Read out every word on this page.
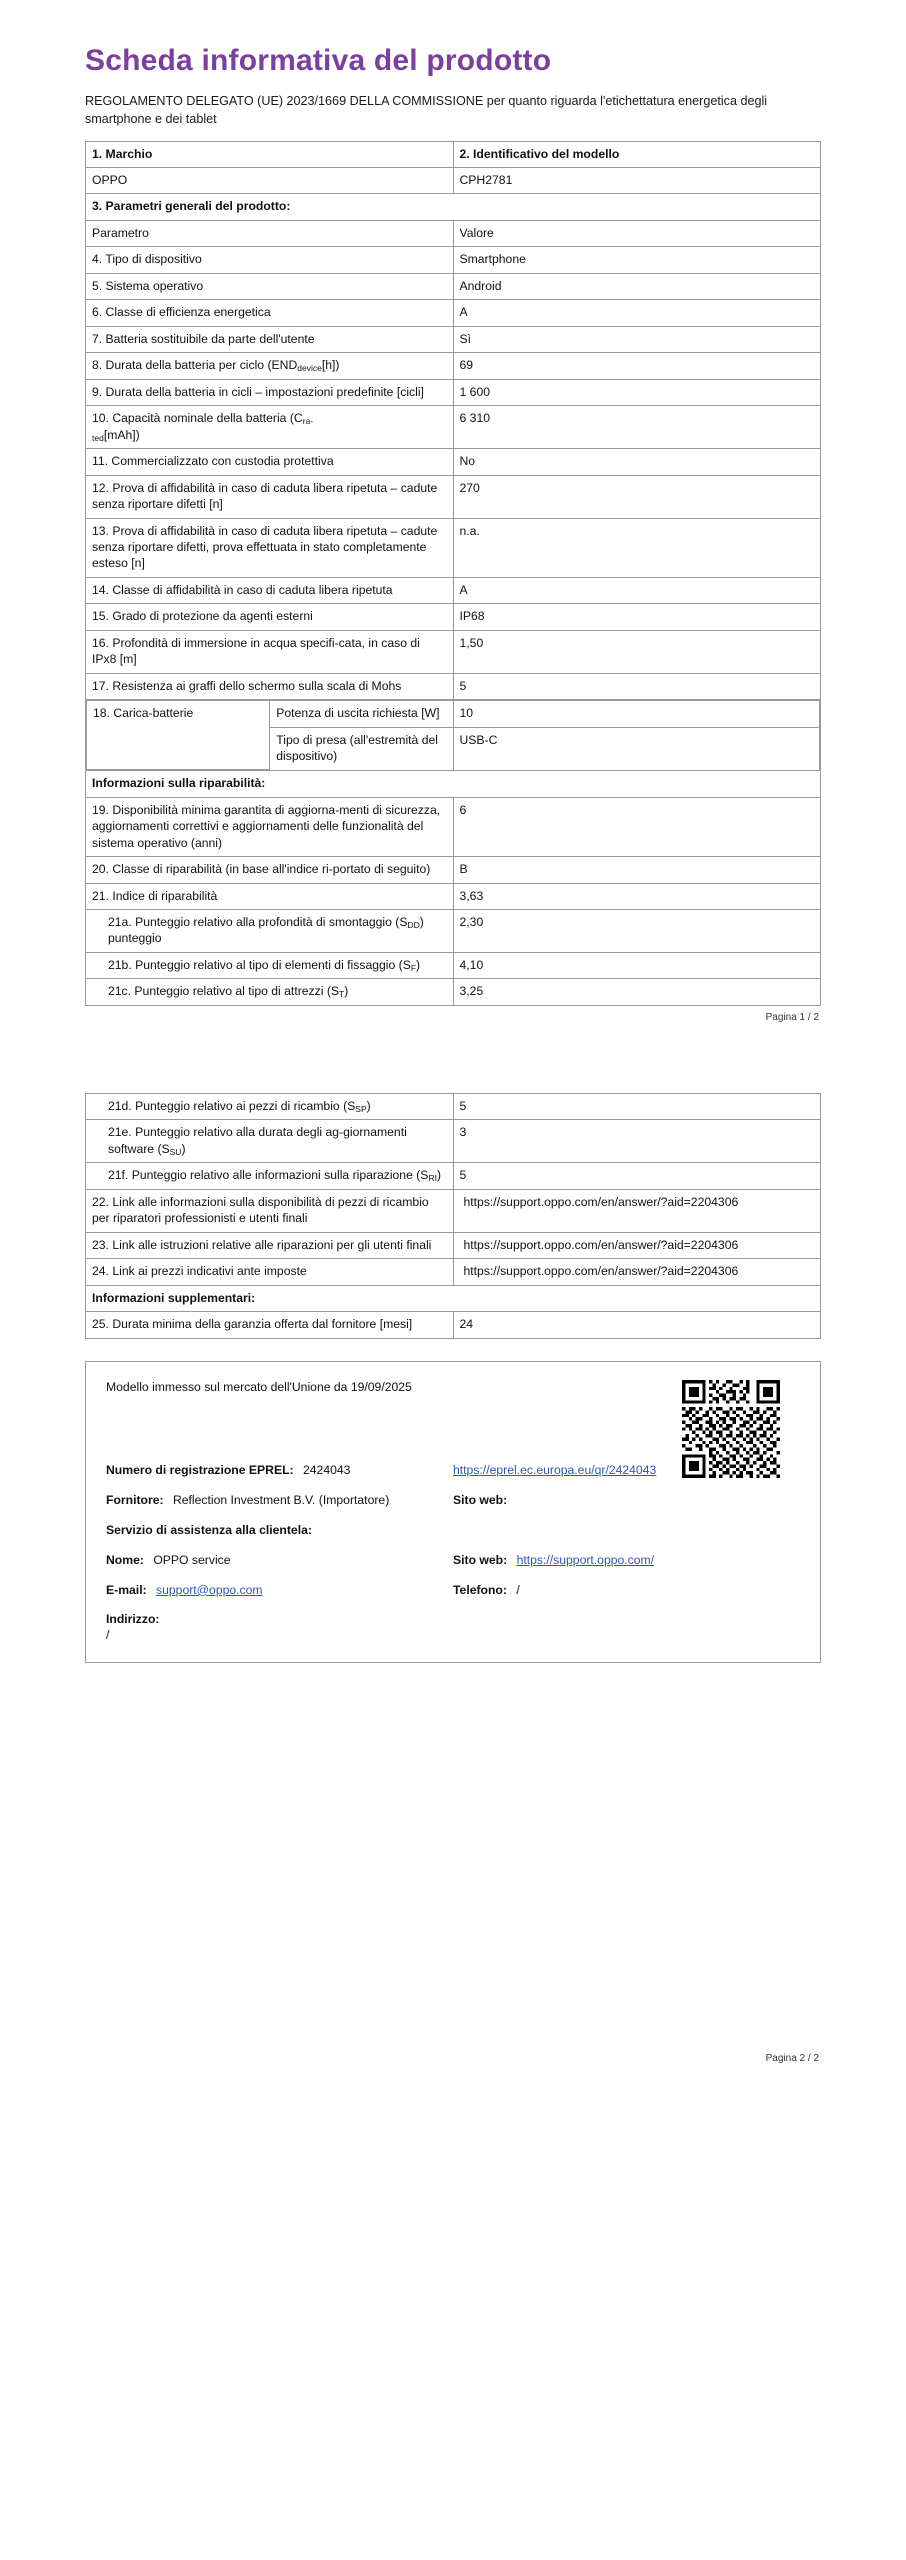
Scheda informativa del prodotto
REGOLAMENTO DELEGATO (UE) 2023/1669 DELLA COMMISSIONE per quanto riguarda l'etichettatura energetica degli smartphone e dei tablet
1. Marchio	2. Identificativo del modello
OPPO	CPH2781
3. Parametri generali del prodotto:
Parametro	Valore
4. Tipo di dispositivo	Smartphone
5. Sistema operativo	Android
6. Classe di efficienza energetica	A
7. Batteria sostituibile da parte dell'utente	Sì
8. Durata della batteria per ciclo $(END_{device}[h])$	69
9. Durata della batteria in cicli – impostazioni predefinite [cicli]	1 600
10. Capacità nominale della batteria $(C_{ra- ted}[mAh])$	6 310
11. Commercializzato con custodia protettiva	No
12. Prova di affidabilità in caso di caduta libera ripetuta – cadute senza riportare difetti [n]	270
13. Prova di affidabilità in caso di caduta libera ripetuta – cadute senza riportare difetti, prova effettuata in stato completamente esteso [n]	n.a.
14. Classe di affidabilità in caso di caduta libera ripetuta	A
15. Grado di protezione da agenti esterni	IP68
16. Profondità di immersione in acqua specifi-cata, in caso di IPx8 [m]	1,50
17. Resistenza ai graffi dello schermo sulla scala di Mohs	5

18. Carica-batterie	Potenza di uscita richiesta [W]	10
Tipo di presa (all'estremità del dispositivo)	USB-C

Informazioni sulla riparabilità:
19. Disponibilità minima garantita di aggiorna-menti di sicurezza, aggiornamenti correttivi e aggiornamenti delle funzionalità del sistema operativo (anni)	6
20. Classe di riparabilità (in base all'indice ri-portato di seguito)	B
21. Indice di riparabilità	3,63
21a. Punteggio relativo alla profondità di smontaggio $(S_{DD})$ punteggio	2,30
21b. Punteggio relativo al tipo di elementi di fissaggio $(S_F)$	4,10
21c. Punteggio relativo al tipo di attrezzi $(S_T)$	3,25
Pagina 1 / 2
21d. Punteggio relativo ai pezzi di ricambio $(S_{SP})$	5
21e. Punteggio relativo alla durata degli ag-giornamenti software $(S_{SU})$	3
21f. Punteggio relativo alle informazioni sulla riparazione $(S_{RI})$	5
22. Link alle informazioni sulla disponibilità di pezzi di ricambio per riparatori professionisti e utenti finali	https://support.oppo.com/en/answer/?aid=2204306
23. Link alle istruzioni relative alle riparazioni per gli utenti finali	https://support.oppo.com/en/answer/?aid=2204306
24. Link ai prezzi indicativi ante imposte	https://support.oppo.com/en/answer/?aid=2204306
Informazioni supplementari:	
25. Durata minima della garanzia offerta dal fornitore [mesi]	24
Modello immesso sul mercato dell'Unione da 19/09/2025
Numero di registrazione EPREL: 2424043	https://eprel.ec.europa.eu/qr/2424043
Fornitore: Reflection Investment B.V. (Importatore)	Sito web:
Servizio di assistenza alla clientela:
Nome: OPPO service	Sito web: https://support.oppo.com/
E-mail: support@oppo.com	Telefono: /
Indirizzo:
/
Pagina 2 / 2
